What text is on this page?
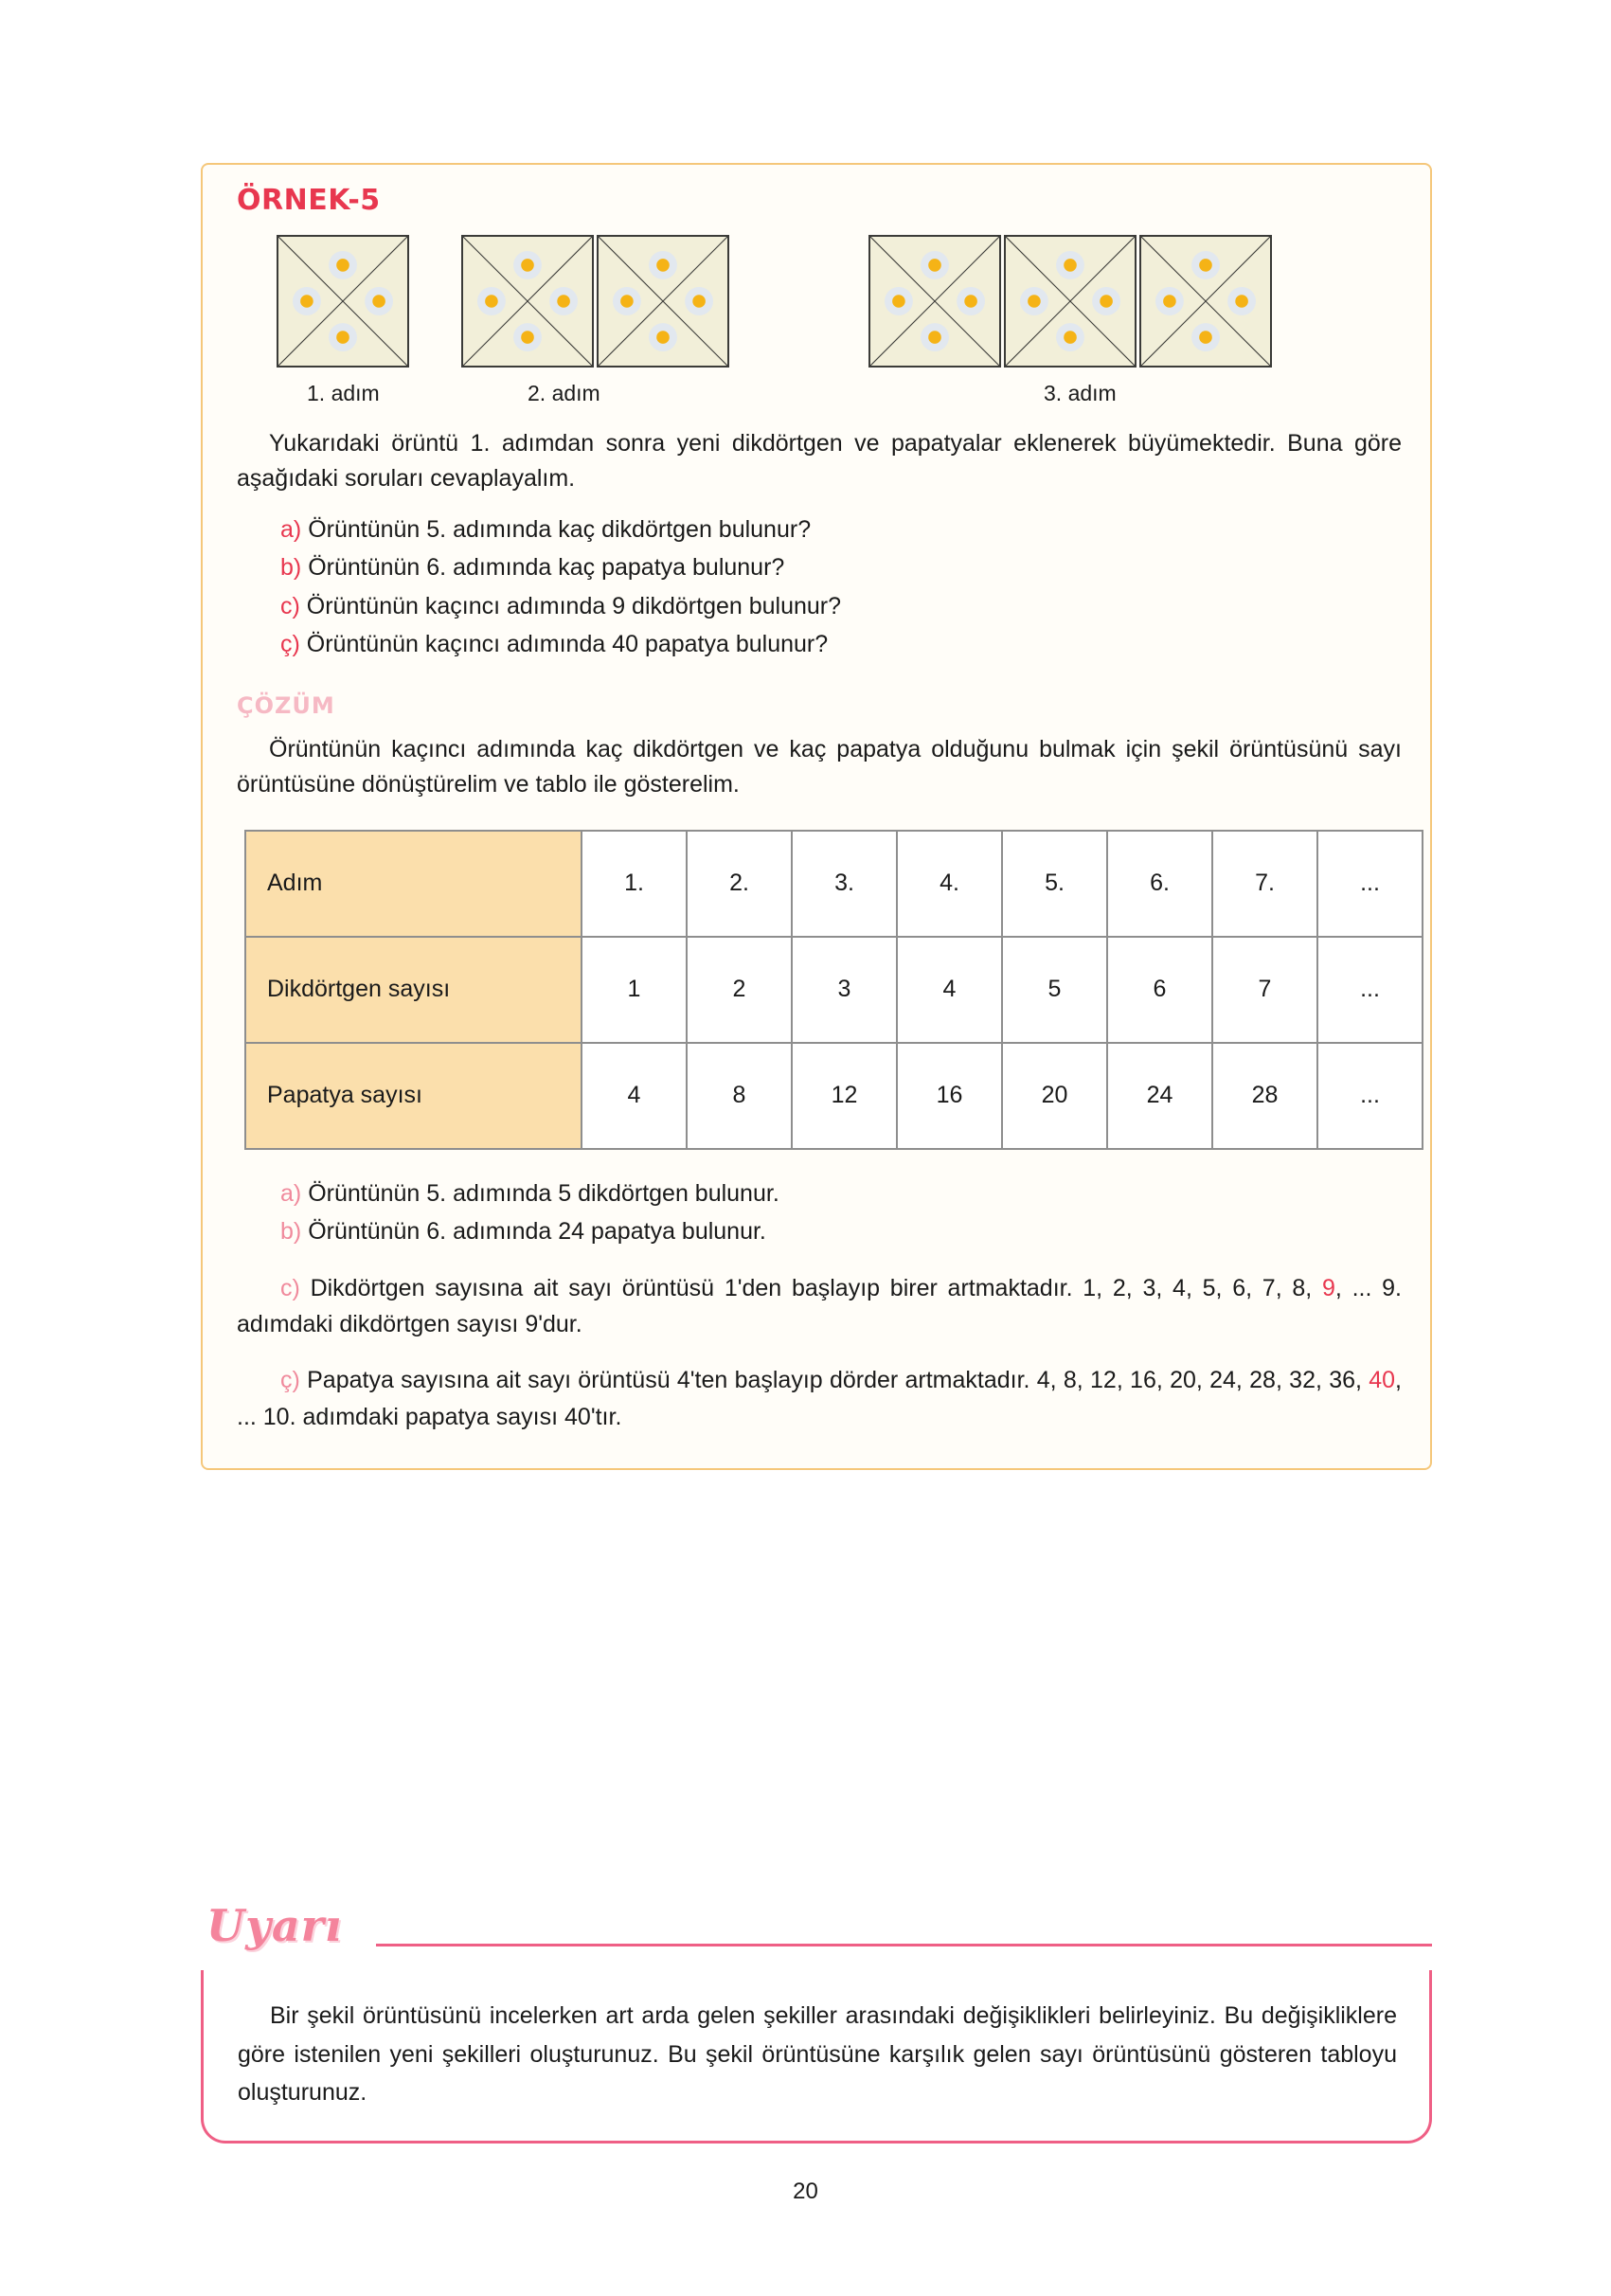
ÖRNEK-5
1. adım	2. adım	3. adım

Yukarıdaki örüntü 1. adımdan sonra yeni dikdörtgen ve papatyalar eklenerek büyümektedir. Buna göre aşağıdaki soruları cevaplayalım.

a) Örüntünün 5. adımında kaç dikdörtgen bulunur?
b) Örüntünün 6. adımında kaç papatya bulunur?
c) Örüntünün kaçıncı adımında 9 dikdörtgen bulunur?
ç) Örüntünün kaçıncı adımında 40 papatya bulunur?
ÇÖZÜM

Örüntünün kaçıncı adımında kaç dikdörtgen ve kaç papatya olduğunu bulmak için şekil örüntüsünü sayı örüntüsüne dönüştürelim ve tablo ile gösterelim.

Adım	1.	2.	3.	4.	5.	6.	7.	...
Dikdörtgen sayısı	1	2	3	4	5	6	7	...
Papatya sayısı	4	8	12	16	20	24	28	...
a) Örüntünün 5. adımında 5 dikdörtgen bulunur.
b) Örüntünün 6. adımında 24 papatya bulunur.

c) Dikdörtgen sayısına ait sayı örüntüsü 1'den başlayıp birer artmaktadır. 1, 2, 3, 4, 5, 6, 7, 8, 9, ... 9. adımdaki dikdörtgen sayısı 9'dur.

ç) Papatya sayısına ait sayı örüntüsü 4'ten başlayıp dörder artmaktadır. 4, 8, 12, 16, 20, 24, 28, 32, 36, 40, ... 10. adımdaki papatya sayısı 40'tır.

Uyarı

Bir şekil örüntüsünü incelerken art arda gelen şekiller arasındaki değişiklikleri belirleyiniz. Bu değişikliklere göre istenilen yeni şekilleri oluşturunuz. Bu şekil örüntüsüne karşılık gelen sayı örüntüsünü gösteren tabloyu oluşturunuz.

20
